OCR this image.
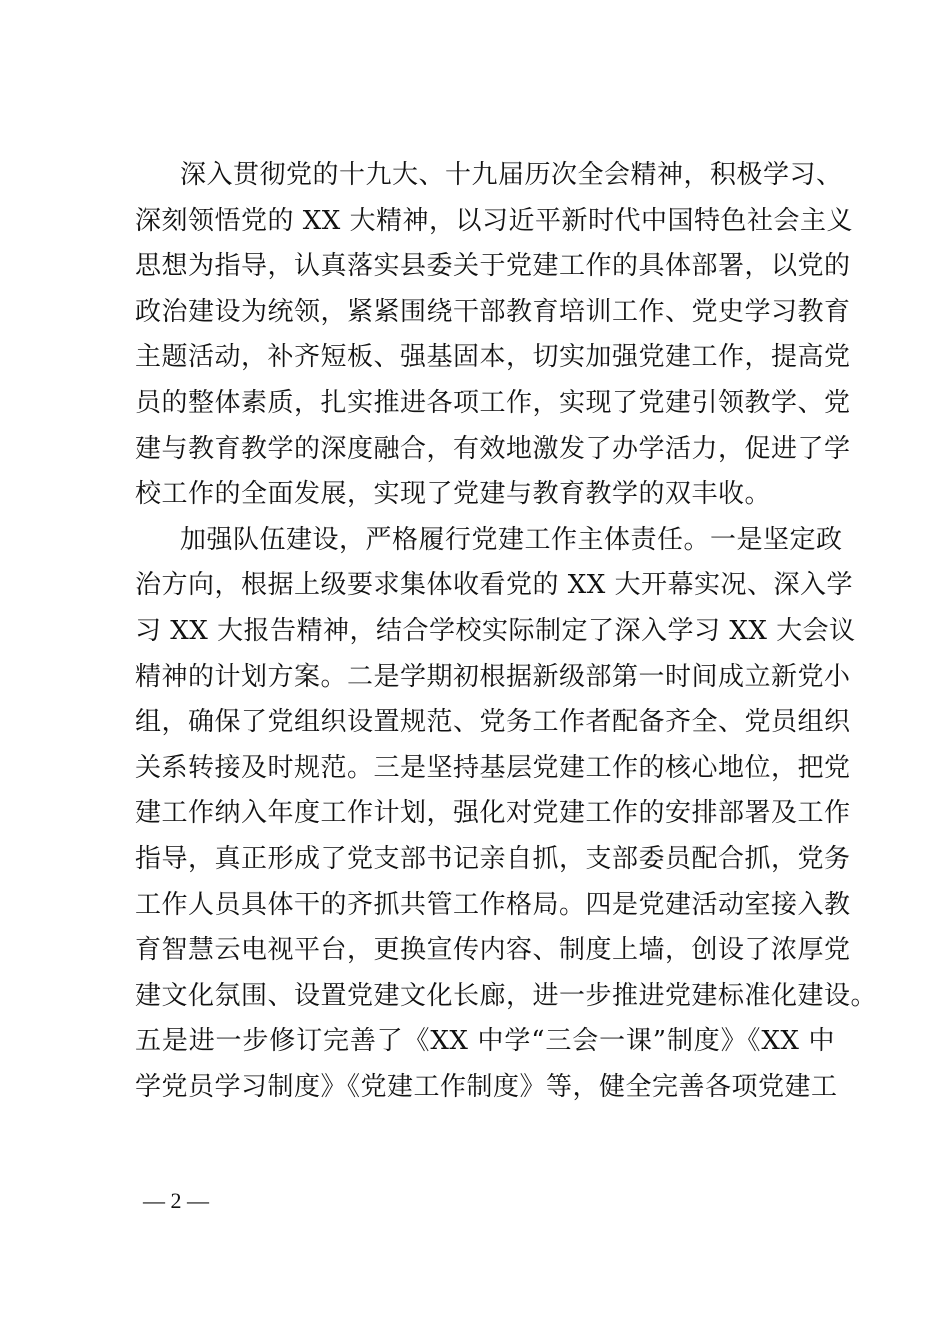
深入贯彻党的十九大、十九届历次全会精神，积极学习、
深刻领悟党的 XX 大精神，以习近平新时代中国特色社会主义
思想为指导，认真落实县委关于党建工作的具体部署，以党的
政治建设为统领，紧紧围绕干部教育培训工作、党史学习教育
主题活动，补齐短板、强基固本，切实加强党建工作，提高党
员的整体素质，扎实推进各项工作，实现了党建引领教学、党
建与教育教学的深度融合，有效地激发了办学活力，促进了学
校工作的全面发展，实现了党建与教育教学的双丰收。
加强队伍建设，严格履行党建工作主体责任。一是坚定政
治方向，根据上级要求集体收看党的 XX 大开幕实况、深入学
习 XX 大报告精神，结合学校实际制定了深入学习 XX 大会议
精神的计划方案。二是学期初根据新级部第一时间成立新党小
组，确保了党组织设置规范、党务工作者配备齐全、党员组织
关系转接及时规范。三是坚持基层党建工作的核心地位，把党
建工作纳入年度工作计划，强化对党建工作的安排部署及工作
指导，真正形成了党支部书记亲自抓，支部委员配合抓，党务
工作人员具体干的齐抓共管工作格局。四是党建活动室接入教
育智慧云电视平台，更换宣传内容、制度上墙，创设了浓厚党
建文化氛围、设置党建文化长廊，进一步推进党建标准化建设。
五是进一步修订完善了《XX 中学“三会一课”制度》《XX 中
学党员学习制度》《党建工作制度》等，健全完善各项党建工
— 2 —
